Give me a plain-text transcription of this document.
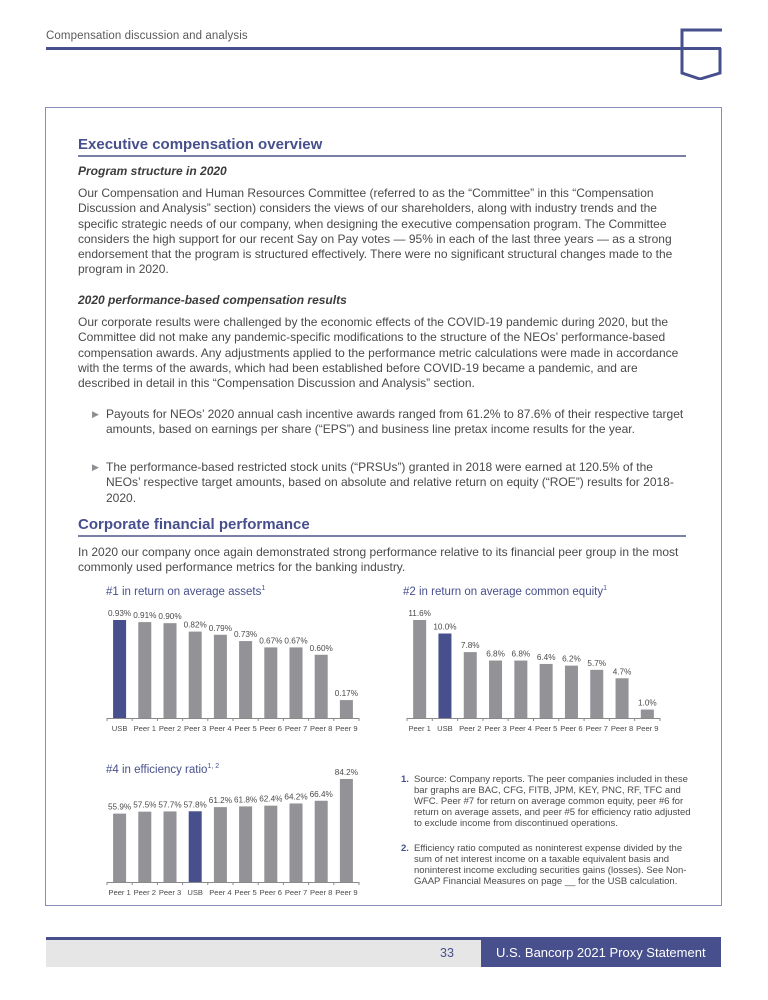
Compensation discussion and analysis
Executive compensation overview
Program structure in 2020
Our Compensation and Human Resources Committee (referred to as the “Committee” in this “Compensation Discussion and Analysis” section) considers the views of our shareholders, along with industry trends and the specific strategic needs of our company, when designing the executive compensation program. The Committee considers the high support for our recent Say on Pay votes — 95% in each of the last three years — as a strong endorsement that the program is structured effectively. There were no significant structural changes made to the program in 2020.
2020 performance-based compensation results
Our corporate results were challenged by the economic effects of the COVID-19 pandemic during 2020, but the Committee did not make any pandemic-specific modifications to the structure of the NEOs’ performance-based compensation awards. Any adjustments applied to the performance metric calculations were made in accordance with the terms of the awards, which had been established before COVID-19 became a pandemic, and are described in detail in this “Compensation Discussion and Analysis” section.
▶ Payouts for NEOs’ 2020 annual cash incentive awards ranged from 61.2% to 87.6% of their respective target amounts, based on earnings per share (“EPS”) and business line pretax income results for the year.
▶ The performance-based restricted stock units (“PRSUs”) granted in 2018 were earned at 120.5% of the NEOs’ respective target amounts, based on absolute and relative return on equity (“ROE”) results for 2018-2020.
Corporate financial performance
In 2020 our company once again demonstrated strong performance relative to its financial peer group in the most commonly used performance metrics for the banking industry.
#1 in return on average assets$^1$	#2 in return on average common equity$^1$
#4 in efficiency ratio$^{1, 2}$
0.93%
USB
0.91%
Peer 1
0.90%
Peer 2
0.82%
Peer 3
0.79%
Peer 4
0.73%
Peer 5
0.67%
Peer 6
0.67%
Peer 7
0.60%
Peer 8
0.17%
Peer 9
11.6%
Peer 1
10.0%
USB
7.8%
Peer 2
6.8%
Peer 3
6.8%
Peer 4
6.4%
Peer 5
6.2%
Peer 6
5.7%
Peer 7
4.7%
Peer 8
1.0%
Peer 9
55.9%
Peer 1
57.5%
Peer 2
57.7%
Peer 3
57.8%
USB
61.2%
Peer 4
61.8%
Peer 5
62.4%
Peer 6
64.2%
Peer 7
66.4%
Peer 8
84.2%
Peer 9
1. Source: Company reports. The peer companies included in these bar graphs are BAC, CFG, FITB, JPM, KEY, PNC, RF, TFC and WFC. Peer #7 for return on average common equity, peer #6 for return on average assets, and peer #5 for efficiency ratio adjusted to exclude income from discontinued operations.
2. Efficiency ratio computed as noninterest expense divided by the sum of net interest income on a taxable equivalent basis and noninterest income excluding securities gains (losses). See Non-GAAP Financial Measures on page __ for the USB calculation.
33	U.S. Bancorp 2021 Proxy Statement
